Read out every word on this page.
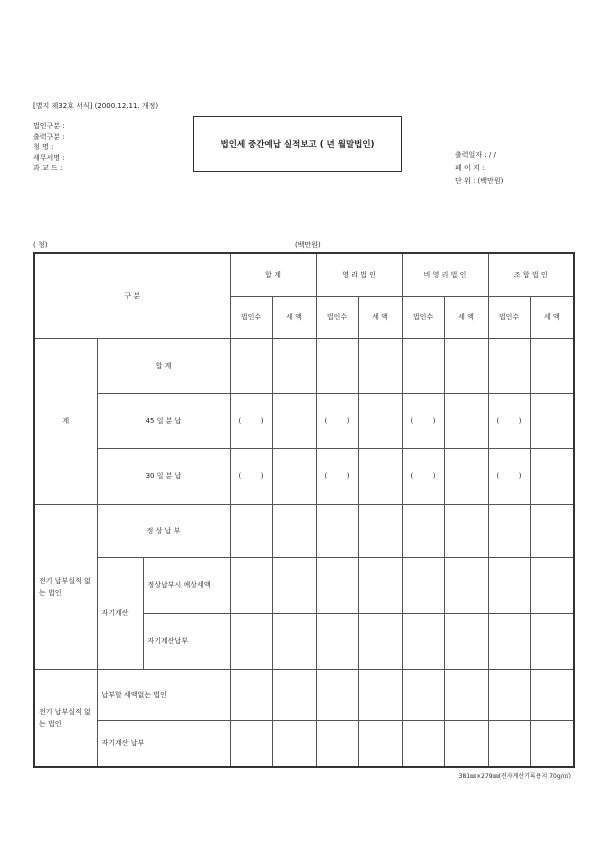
[별지 제32호 서식] (2000.12.11. 개정)
법인구분 :
출력구분 :
청 명 :
세무서명 :
과 교 드 :
법인세 중간예납 실적보고 ( 년 월말법인)
출력일자 : / /
페 이 지 :
단 위 : (백만원)
( 청)	(백만원)
구 분			합 계		영 리 법 인		비 영 리 법 인		조 합 법 인	
			법인수	세 액	법인수	세 액	법인수	세 액	법인수	세 액
계	합 계									
	45 일 분 납		( )		( )		( )		( )	

	30 일 분 납		( )		( )		( )		( )	

전기 납부실적 없는 법인	정 상 납 부									
	자기계산	정상납부시 예상세액								
		자기계산납부								
전기 납부실적 없는 법인	납부할 세액없는 법인									
	자기계산 납부									
381㎜×279㎜(전자계산기록용지 70g/㎡)
